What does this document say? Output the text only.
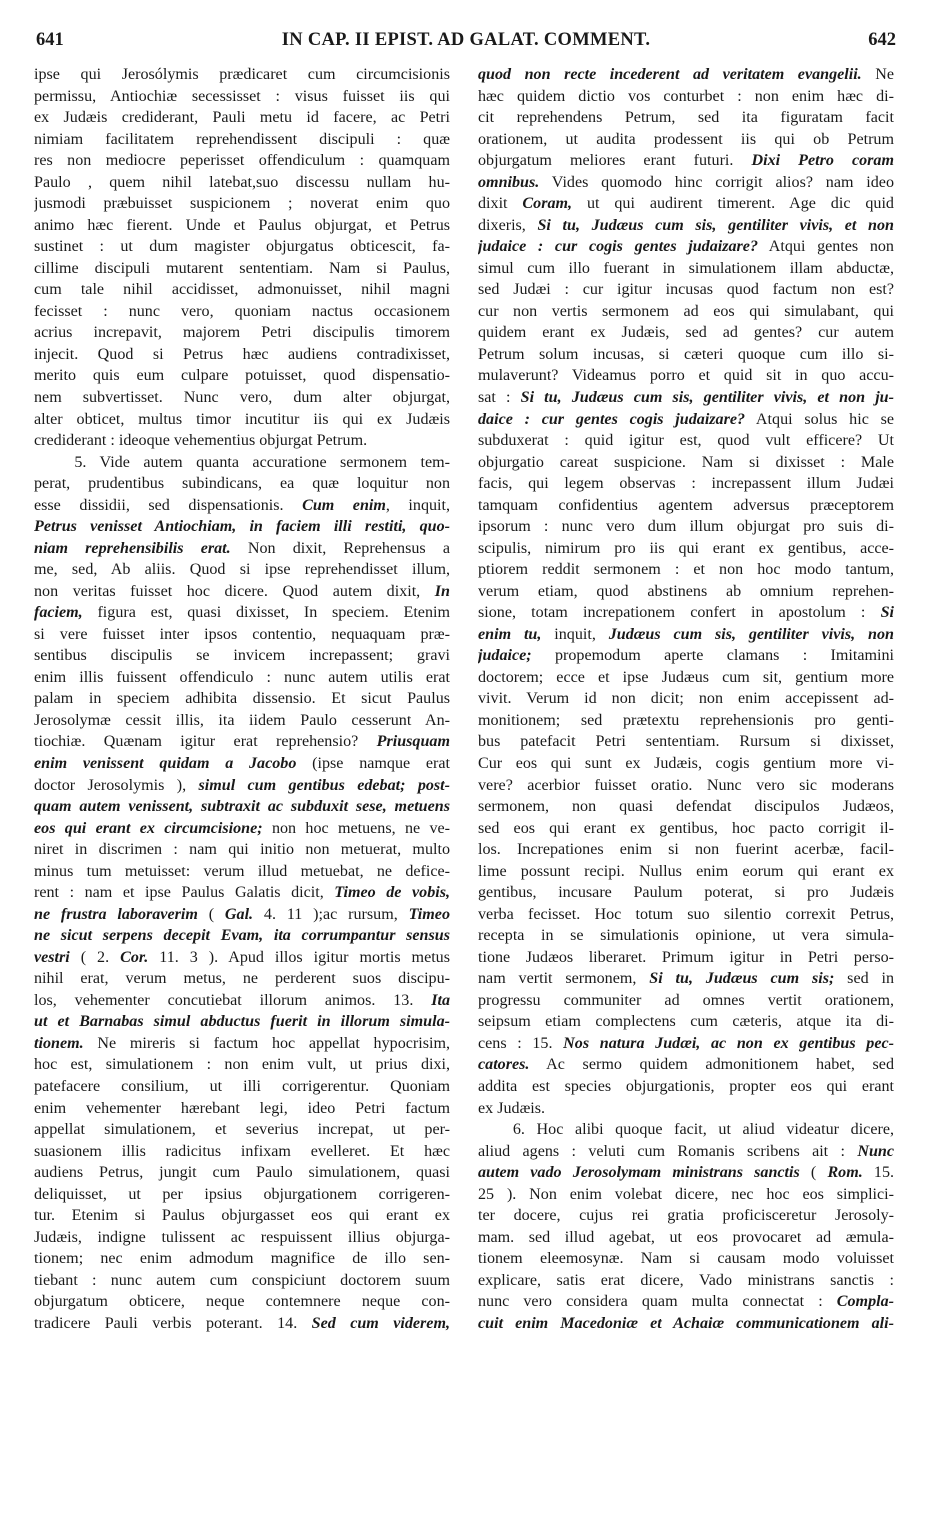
641	IN CAP. II EPIST. AD GALAT. COMMENT.	642
ipse qui Jerosólymis prædicaret cum circumcisionis
permissu, Antiochiæ secessisset : visus fuisset iis qui
ex Judæis crediderant, Pauli metu id facere, ac Petri
nimiam facilitatem reprehendissent discipuli : quæ
res non mediocre peperisset offendiculum : quamquam
Paulo , quem nihil latebat,suo discessu nullam hu-
jusmodi præbuisset suspicionem ; noverat enim quo
animo hæc fierent. Unde et Paulus objurgat, et Petrus
sustinet : ut dum magister objurgatus obticescit, fa-
cillime discipuli mutarent sententiam. Nam si Paulus,
cum tale nihil accidisset, admonuisset, nihil magni
fecisset : nunc vero, quoniam nactus occasionem
acrius increpavit, majorem Petri discipulis timorem
injecit. Quod si Petrus hæc audiens contradixisset,
merito quis eum culpare potuisset, quod dispensatio-
nem subvertisset. Nunc vero, dum alter objurgat,
alter obticet, multus timor incutitur iis qui ex Judæis
crediderant : ideoque vehementius objurgat Petrum.
5. Vide autem quanta accuratione sermonem tem-
perat, prudentibus subindicans, ea quæ loquitur non
esse dissidii, sed dispensationis. Cum enim, inquit,
Petrus venisset Antiochiam, in faciem illi restiti, quo-
niam reprehensibilis erat. Non dixit, Reprehensus a
me, sed, Ab aliis. Quod si ipse reprehendisset illum,
non veritas fuisset hoc dicere. Quod autem dixit, In
faciem, figura est, quasi dixisset, In speciem. Etenim
si vere fuisset inter ipsos contentio, nequaquam præ-
sentibus discipulis se invicem increpassent; gravi
enim illis fuissent offendiculo : nunc autem utilis erat
palam in speciem adhibita dissensio. Et sicut Paulus
Jerosolymæ cessit illis, ita iidem Paulo cesserunt An-
tiochiæ. Quænam igitur erat reprehensio? Priusquam
enim venissent quidam a Jacobo (ipse namque erat
doctor Jerosolymis ), simul cum gentibus edebat; post-
quam autem venissent, subtraxit ac subduxit sese, metuens
eos qui erant ex circumcisione; non hoc metuens, ne ve-
niret in discrimen : nam qui initio non metuerat, multo
minus tum metuisset: verum illud metuebat, ne defice-
rent : nam et ipse Paulus Galatis dicit, Timeo de vobis,
ne frustra laboraverim ( Gal. 4. 11 );ac rursum, Timeo
ne sicut serpens decepit Evam, ita corrumpantur sensus
vestri ( 2. Cor. 11. 3 ). Apud illos igitur mortis metus
nihil erat, verum metus, ne perderent suos discipu-
los, vehementer concutiebat illorum animos. 13. Ita
ut et Barnabas simul abductus fuerit in illorum simula-
tionem. Ne mireris si factum hoc appellat hypocrisim,
hoc est, simulationem : non enim vult, ut prius dixi,
patefacere consilium, ut illi corrigerentur. Quoniam
enim vehementer hærebant legi, ideo Petri factum
appellat simulationem, et severius increpat, ut per-
suasionem illis radicitus infixam evelleret. Et hæc
audiens Petrus, jungit cum Paulo simulationem, quasi
deliquisset, ut per ipsius objurgationem corrigeren-
tur. Etenim si Paulus objurgasset eos qui erant ex
Judæis, indigne tulissent ac respuissent illius objurga-
tionem; nec enim admodum magnifice de illo sen-
tiebant : nunc autem cum conspiciunt doctorem suum
objurgatum obticere, neque contemnere neque con-
tradicere Pauli verbis poterant. 14. Sed cum viderem,
quod non recte incederent ad veritatem evangelii. Ne
hæc quidem dictio vos conturbet : non enim hæc di-
cit reprehendens Petrum, sed ita figuratam facit
orationem, ut audita prodessent iis qui ob Petrum
objurgatum meliores erant futuri. Dixi Petro coram
omnibus. Vides quomodo hinc corrigit alios? nam ideo
dixit Coram, ut qui audirent timerent. Age dic quid
dixeris, Si tu, Judæus cum sis, gentiliter vivis, et non
judaice : cur cogis gentes judaizare? Atqui gentes non
simul cum illo fuerant in simulationem illam abductæ,
sed Judæi : cur igitur incusas quod factum non est?
cur non vertis sermonem ad eos qui simulabant, qui
quidem erant ex Judæis, sed ad gentes? cur autem
Petrum solum incusas, si cæteri quoque cum illo si-
mulaverunt? Videamus porro et quid sit in quo accu-
sat : Si tu, Judæus cum sis, gentiliter vivis, et non ju-
daice : cur gentes cogis judaizare? Atqui solus hic se
subduxerat : quid igitur est, quod vult efficere? Ut
objurgatio careat suspicione. Nam si dixisset : Male
facis, qui legem observas : increpassent illum Judæi
tamquam confidentius agentem adversus præceptorem
ipsorum : nunc vero dum illum objurgat pro suis di-
scipulis, nimirum pro iis qui erant ex gentibus, acce-
ptiorem reddit sermonem : et non hoc modo tantum,
verum etiam, quod abstinens ab omnium reprehen-
sione, totam increpationem confert in apostolum : Si
enim tu, inquit, Judæus cum sis, gentiliter vivis, non
judaice; propemodum aperte clamans : Imitamini
doctorem; ecce et ipse Judæus cum sit, gentium more
vivit. Verum id non dicit; non enim accepissent ad-
monitionem; sed prætextu reprehensionis pro genti-
bus patefacit Petri sententiam. Rursum si dixisset,
Cur eos qui sunt ex Judæis, cogis gentium more vi-
vere? acerbior fuisset oratio. Nunc vero sic moderans
sermonem, non quasi defendat discipulos Judæos,
sed eos qui erant ex gentibus, hoc pacto corrigit il-
los. Increpationes enim si non fuerint acerbæ, facil-
lime possunt recipi. Nullus enim eorum qui erant ex
gentibus, incusare Paulum poterat, si pro Judæis
verba fecisset. Hoc totum suo silentio correxit Petrus,
recepta in se simulationis opinione, ut vera simula-
tione Judæos liberaret. Primum igitur in Petri perso-
nam vertit sermonem, Si tu, Judæus cum sis; sed in
progressu communiter ad omnes vertit orationem,
seipsum etiam complectens cum cæteris, atque ita di-
cens : 15. Nos natura Judæi, ac non ex gentibus pec-
catores. Ac sermo quidem admonitionem habet, sed
addita est species objurgationis, propter eos qui erant
ex Judæis.
6. Hoc alibi quoque facit, ut aliud videatur dicere,
aliud agens : veluti cum Romanis scribens ait : Nunc
autem vado Jerosolymam ministrans sanctis ( Rom. 15.
25 ). Non enim volebat dicere, nec hoc eos simplici-
ter docere, cujus rei gratia proficisceretur Jerosoly-
mam. sed illud agebat, ut eos provocaret ad æmula-
tionem eleemosynæ. Nam si causam modo voluisset
explicare, satis erat dicere, Vado ministrans sanctis :
nunc vero considera quam multa connectat : Compla-
cuit enim Macedoniæ et Achaiæ communicationem ali-
